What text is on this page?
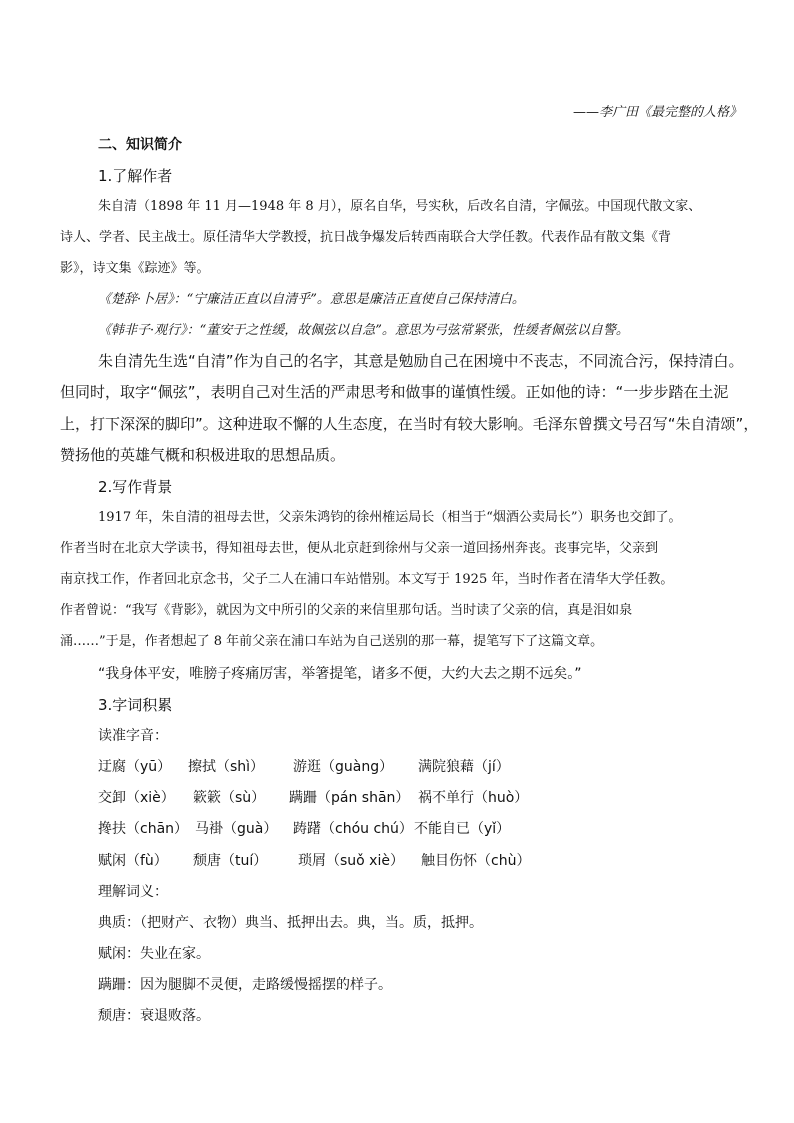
——李广田《最完整的人格》
二、知识简介
1.了解作者
朱自清（1898 年 11 月—1948 年 8 月），原名自华，号实秋，后改名自清，字佩弦。中国现代散文家、
诗人、学者、民主战士。原任清华大学教授，抗日战争爆发后转西南联合大学任教。代表作品有散文集《背
影》，诗文集《踪迹》等。
《楚辞·卜居》：“宁廉洁正直以自清乎”。意思是廉洁正直使自己保持清白。
《韩非子·观行》：“董安于之性缓，故佩弦以自急”。意思为弓弦常紧张，性缓者佩弦以自警。
朱自清先生选“自清”作为自己的名字，其意是勉励自己在困境中不丧志，不同流合污，保持清白。
但同时，取字“佩弦”，表明自己对生活的严肃思考和做事的谨慎性缓。正如他的诗：“一步步踏在土泥
上，打下深深的脚印”。这种进取不懈的人生态度，在当时有较大影响。毛泽东曾撰文号召写“朱自清颂”，
赞扬他的英雄气概和积极进取的思想品质。
2.写作背景
1917 年，朱自清的祖母去世，父亲朱鸿钧的徐州榷运局长（相当于“烟酒公卖局长”）职务也交卸了。
作者当时在北京大学读书，得知祖母去世，便从北京赶到徐州与父亲一道回扬州奔丧。丧事完毕，父亲到
南京找工作，作者回北京念书，父子二人在浦口车站惜别。本文写于 1925 年，当时作者在清华大学任教。
作者曾说：“我写《背影》，就因为文中所引的父亲的来信里那句话。当时读了父亲的信，真是泪如泉
涌……”于是，作者想起了 8 年前父亲在浦口车站为自己送别的那一幕，提笔写下了这篇文章。
“我身体平安，唯膀子疼痛厉害，举箸提笔，诸多不便，大约大去之期不远矣。”
3.字词积累
读准字音：
迂腐（yū） 擦拭（shì） 游逛（guàng） 满院狼藉（jí）
交卸（xiè） 簌簌（sù） 蹒跚（pán shān） 祸不单行（huò）
搀扶（chān） 马褂（guà） 踌躇（chóu chú） 不能自已（yǐ）
赋闲（fù） 颓唐（tuí） 琐屑（suǒ xiè） 触目伤怀（chù）
理解词义：
典质：（把财产、衣物）典当、抵押出去。典，当。质，抵押。
赋闲：失业在家。
蹒跚：因为腿脚不灵便，走路缓慢摇摆的样子。
颓唐：衰退败落。
